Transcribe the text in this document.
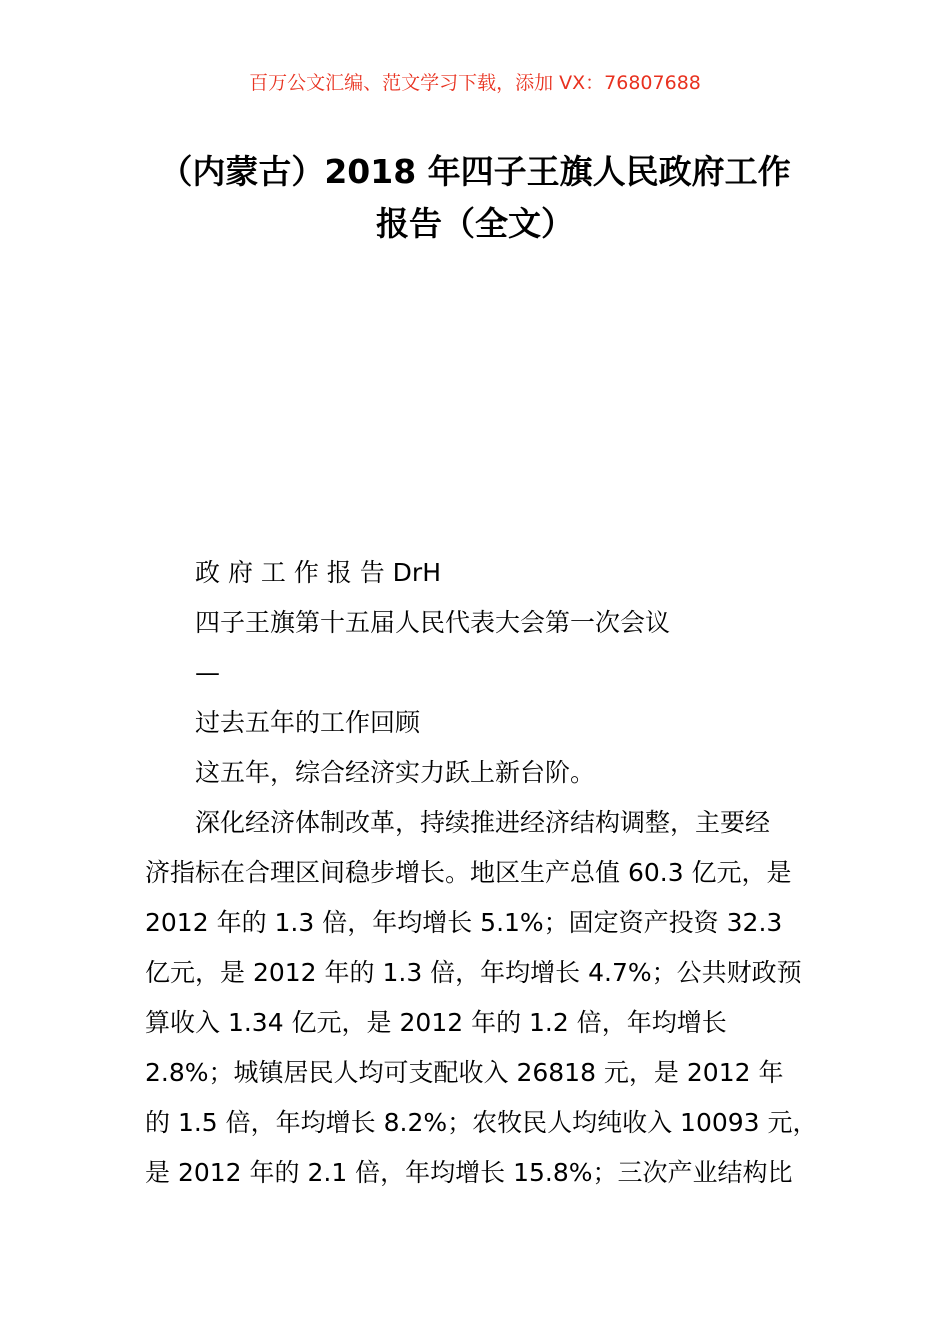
百万公文汇编、范文学习下载，添加 VX：76807688
（内蒙古）2018 年四子王旗人民政府工作
报告（全文）
政 府 工 作 报 告 DrH
四子王旗第十五届人民代表大会第一次会议
—
过去五年的工作回顾
这五年，综合经济实力跃上新台阶。
深化经济体制改革，持续推进经济结构调整，主要经
济指标在合理区间稳步增长。地区生产总值 60.3 亿元，是
2012 年的 1.3 倍，年均增长 5.1%；固定资产投资 32.3
亿元，是 2012 年的 1.3 倍，年均增长 4.7%；公共财政预
算收入 1.34 亿元，是 2012 年的 1.2 倍，年均增长
2.8%；城镇居民人均可支配收入 26818 元，是 2012 年
的 1.5 倍，年均增长 8.2%；农牧民人均纯收入 10093 元，
是 2012 年的 2.1 倍，年均增长 15.8%；三次产业结构比
